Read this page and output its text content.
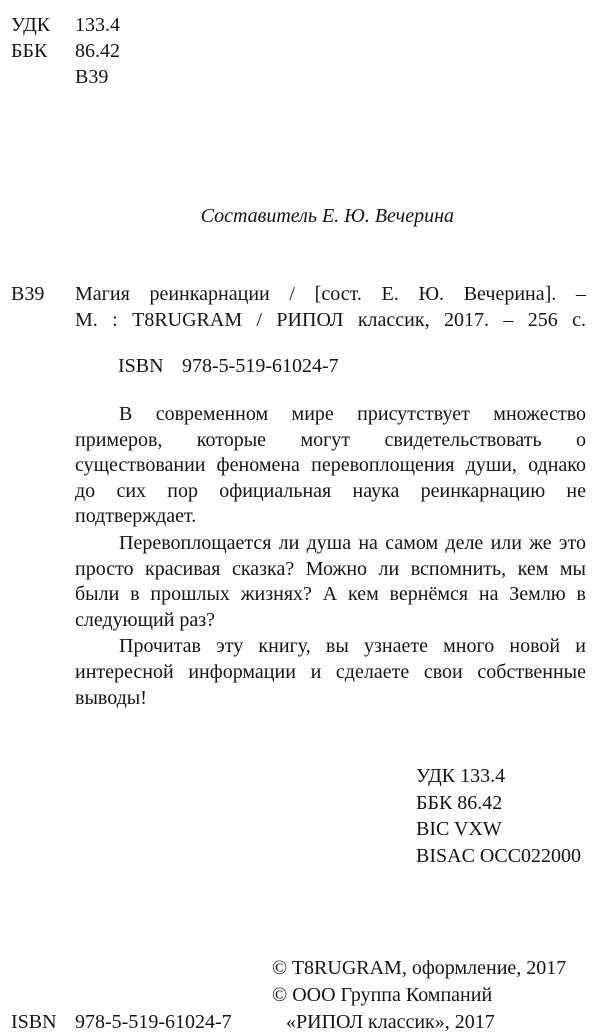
УДК 133.4
ББК 86.42
В39
Составитель Е. Ю. Вечерина
В39 Магия реинкарнации / [сост. Е. Ю. Вечерина]. –
М. : T8RUGRAM / РИПОЛ классик, 2017. – 256 с.
ISBN 978-5-519-61024-7

В современном мире присутствует множество примеров, которые могут свидетельствовать о существовании феномена перевоплощения души, однако до сих пор официальная наука реинкарнацию не подтверждает.

Перевоплощается ли душа на самом деле или же это просто красивая сказка? Можно ли вспомнить, кем мы были в прошлых жизнях? А кем вернёмся на Землю в следующий раз?

Прочитав эту книгу, вы узнаете много новой и интересной информации и сделаете свои собственные выводы!

УДК 133.4
ББК 86.42
BIC VXW
BISAC OCC022000
© T8RUGRAM, оформление, 2017
© ООО Группа Компаний
«РИПОЛ классик», 2017
ISBN 978-5-519-61024-7
